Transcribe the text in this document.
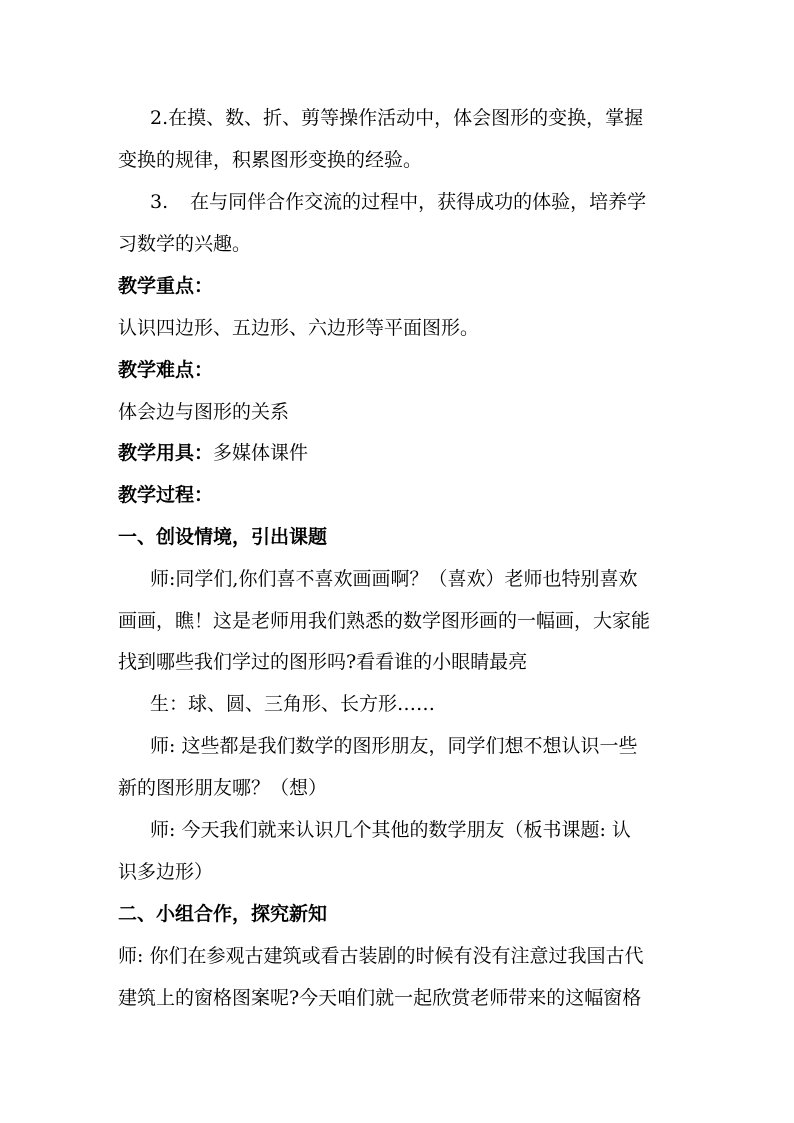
2.在摸、数、折、剪等操作活动中，体会图形的变换，掌握
变换的规律，积累图形变换的经验。
3. 在与同伴合作交流的过程中，获得成功的体验，培养学
习数学的兴趣。
教学重点：
认识四边形、五边形、六边形等平面图形。
教学难点：
体会边与图形的关系
教学用具：多媒体课件
教学过程：
一、创设情境，引出课题
师:同学们,你们喜不喜欢画画啊？（喜欢）老师也特别喜欢
画画，瞧！这是老师用我们熟悉的数学图形画的一幅画，大家能
找到哪些我们学过的图形吗?看看谁的小眼睛最亮
生：球、圆、三角形、长方形……
师: 这些都是我们数学的图形朋友，同学们想不想认识一些
新的图形朋友哪？（想）
师: 今天我们就来认识几个其他的数学朋友（板书课题: 认
识多边形）
二、小组合作，探究新知
师: 你们在参观古建筑或看古装剧的时候有没有注意过我国古代
建筑上的窗格图案呢?今天咱们就一起欣赏老师带来的这幅窗格
